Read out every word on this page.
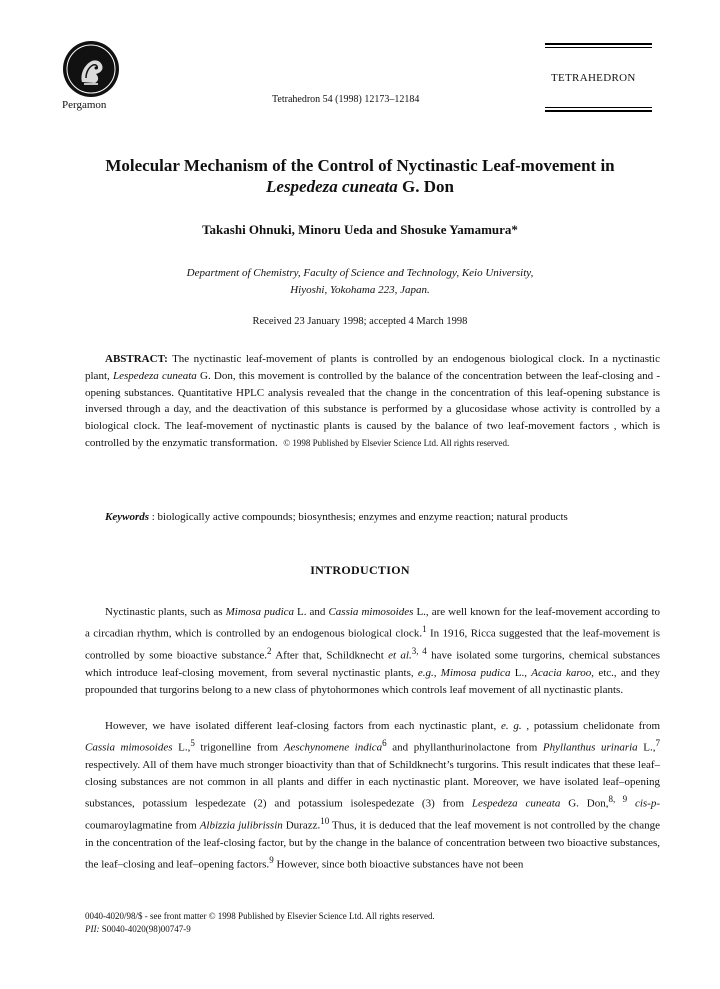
Pergamon	Tetrahedron 54 (1998) 12173–12184
TETRAHEDRON
Molecular Mechanism of the Control of Nyctinastic Leaf-movement in
Lespedeza cuneata G. Don
Takashi Ohnuki, Minoru Ueda and Shosuke Yamamura*
Department of Chemistry, Faculty of Science and Technology, Keio University,
Hiyoshi, Yokohama 223, Japan.
Received 23 January 1998; accepted 4 March 1998
ABSTRACT: The nyctinastic leaf-movement of plants is controlled by an endogenous biological clock. In a nyctinastic plant, Lespedeza cuneata G. Don, this movement is controlled by the balance of the concentration between the leaf-closing and -opening substances. Quantitative HPLC analysis revealed that the change in the concentration of this leaf-opening substance is inversed through a day, and the deactivation of this substance is performed by a glucosidase whose activity is controlled by a biological clock. The leaf-movement of nyctinastic plants is caused by the balance of two leaf-movement factors , which is controlled by the enzymatic transformation. © 1998 Published by Elsevier Science Ltd. All rights reserved.
Keywords : biologically active compounds; biosynthesis; enzymes and enzyme reaction; natural products
INTRODUCTION
Nyctinastic plants, such as Mimosa pudica L. and Cassia mimosoides L., are well known for the leaf-movement according to a circadian rhythm, which is controlled by an endogenous biological clock.$^1$ In 1916, Ricca suggested that the leaf-movement is controlled by some bioactive substance.$^2$ After that, Schildknecht et al.$^{3, 4}$ have isolated some turgorins, chemical substances which introduce leaf-closing movement, from several nyctinastic plants, e.g., Mimosa pudica L., Acacia karoo, etc., and they propounded that turgorins belong to a new class of phytohormones which controls leaf movement of all nyctinastic plants.
However, we have isolated different leaf-closing factors from each nyctinastic plant, e. g. , potassium chelidonate from Cassia mimosoides L.,$^5$ trigonelline from Aeschynomene indica$^6$ and phyllanthurinolactone from Phyllanthus urinaria L.,$^7$ respectively. All of them have much stronger bioactivity than that of Schildknecht’s turgorins. This result indicates that these leaf–closing substances are not common in all plants and differ in each nyctinastic plant. Moreover, we have isolated leaf–opening substances, potassium lespedezate (2) and potassium isolespedezate (3) from Lespedeza cuneata G. Don,$^{8, 9}$ cis-p-coumaroylagmatine from Albizzia julibrissin Durazz.$^{10}$ Thus, it is deduced that the leaf movement is not controlled by the change in the concentration of the leaf-closing factor, but by the change in the balance of concentration between two bioactive substances, the leaf–closing and leaf–opening factors.$^9$ However, since both bioactive substances have not been
0040-4020/98/$ - see front matter © 1998 Published by Elsevier Science Ltd. All rights reserved.
PII: S0040-4020(98)00747-9
